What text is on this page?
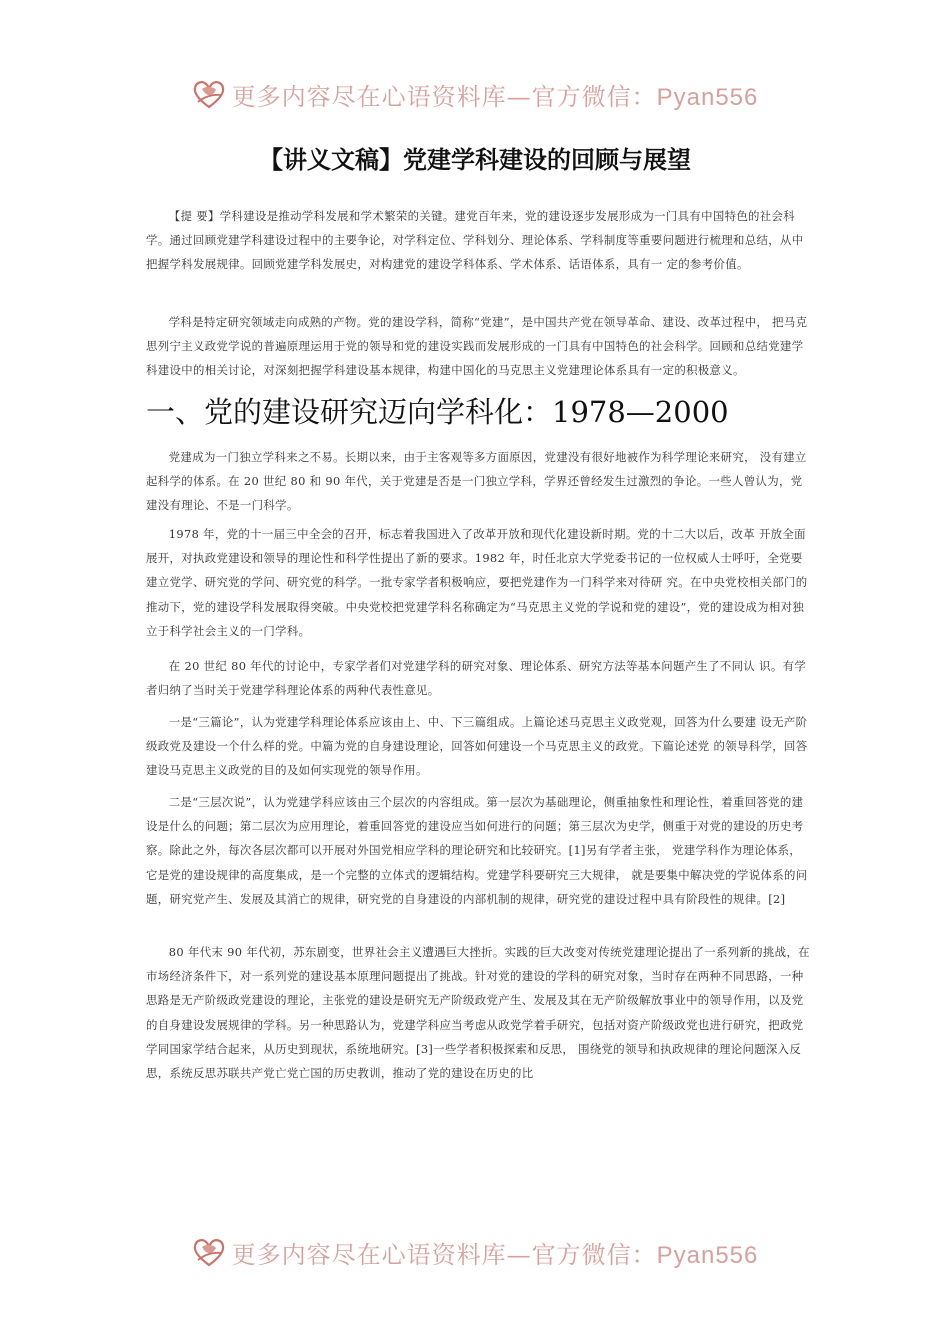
更多内容尽在心语资料库—官方微信：Pyan556
【讲义文稿】党建学科建设的回顾与展望

【提 要】学科建设是推动学科发展和学术繁荣的关键。建党百年来，党的建设逐步发展形成为一门具有中国特色的社会科学。通过回顾党建学科建设过程中的主要争论，对学科定位、学科划分、理论体系、学科制度等重要问题进行梳理和总结，从中把握学科发展规律。回顾党建学科发展史，对构建党的建设学科体系、学术体系、话语体系，具有一 定的参考价值。

学科是特定研究领域走向成熟的产物。党的建设学科，简称“党建”，是中国共产党在领导革命、建设、改革过程中， 把马克思列宁主义政党学说的普遍原理运用于党的领导和党的建设实践而发展形成的一门具有中国特色的社会科学。回顾和总结党建学科建设中的相关讨论，对深刻把握学科建设基本规律，构建中国化的马克思主义党建理论体系具有一定的积极意义。

一、党的建设研究迈向学科化：1978—2000

党建成为一门独立学科来之不易。长期以来，由于主客观等多方面原因，党建没有很好地被作为科学理论来研究， 没有建立起科学的体系。在 20 世纪 80 和 90 年代，关于党建是否是一门独立学科，学界还曾经发生过激烈的争论。一些人曾认为，党建没有理论、不是一门科学。

1978 年，党的十一届三中全会的召开，标志着我国进入了改革开放和现代化建设新时期。党的十二大以后，改革 开放全面展开，对执政党建设和领导的理论性和科学性提出了新的要求。1982 年，时任北京大学党委书记的一位权威人士呼吁，全党要建立党学、研究党的学问、研究党的科学。一批专家学者积极响应，要把党建作为一门科学来对待研 究。在中央党校相关部门的推动下，党的建设学科发展取得突破。中央党校把党建学科名称确定为“马克思主义党的学说和党的建设”，党的建设成为相对独立于科学社会主义的一门学科。

在 20 世纪 80 年代的讨论中，专家学者们对党建学科的研究对象、理论体系、研究方法等基本问题产生了不同认 识。有学者归纳了当时关于党建学科理论体系的两种代表性意见。

一是“三篇论”，认为党建学科理论体系应该由上、中、下三篇组成。上篇论述马克思主义政党观，回答为什么要建 设无产阶级政党及建设一个什么样的党。中篇为党的自身建设理论，回答如何建设一个马克思主义的政党。下篇论述党 的领导科学，回答建设马克思主义政党的目的及如何实现党的领导作用。

二是“三层次说”，认为党建学科应该由三个层次的内容组成。第一层次为基础理论，侧重抽象性和理论性，着重回答党的建设是什么的问题；第二层次为应用理论，着重回答党的建设应当如何进行的问题；第三层次为史学，侧重于对党的建设的历史考察。除此之外，每次各层次都可以开展对外国党相应学科的理论研究和比较研究。[1]另有学者主张， 党建学科作为理论体系，它是党的建设规律的高度集成，是一个完整的立体式的逻辑结构。党建学科要研究三大规律， 就是要集中解决党的学说体系的问题，研究党产生、发展及其消亡的规律，研究党的自身建设的内部机制的规律，研究党的建设过程中具有阶段性的规律。[2]

80 年代末 90 年代初，苏东剧变，世界社会主义遭遇巨大挫折。实践的巨大改变对传统党建理论提出了一系列新的挑战，在市场经济条件下，对一系列党的建设基本原理问题提出了挑战。针对党的建设的学科的研究对象，当时存在两种不同思路，一种思路是无产阶级政党建设的理论，主张党的建设是研究无产阶级政党产生、发展及其在无产阶级解放事业中的领导作用，以及党的自身建设发展规律的学科。另一种思路认为，党建学科应当考虑从政党学着手研究，包括对资产阶级政党也进行研究，把政党学同国家学结合起来，从历史到现状，系统地研究。[3]一些学者积极探索和反思， 围绕党的领导和执政规律的理论问题深入反思，系统反思苏联共产党亡党亡国的历史教训，推动了党的建设在历史的比

更多内容尽在心语资料库—官方微信：Pyan556
